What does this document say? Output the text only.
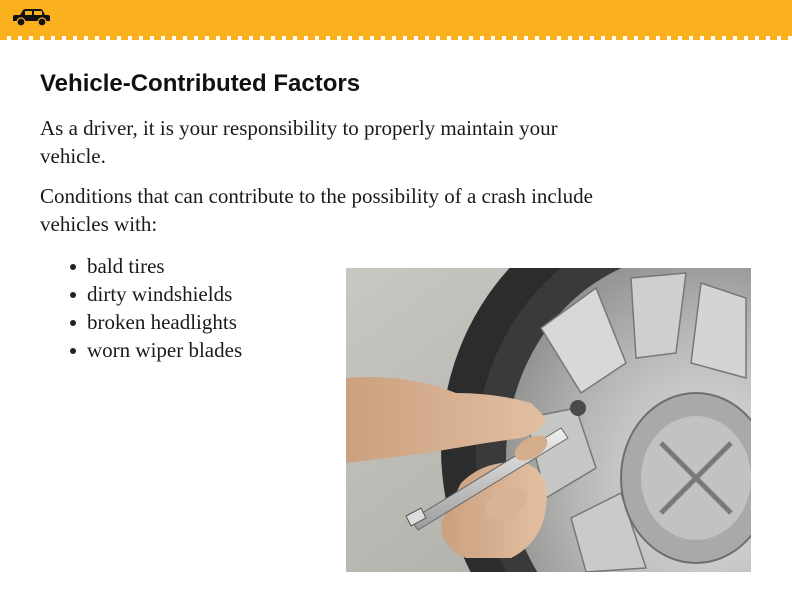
Vehicle-Contributed Factors

As a driver, it is your responsibility to properly maintain your vehicle.

Conditions that can contribute to the possibility of a crash include vehicles with:

bald tires
dirty windshields
broken headlights
worn wiper blades
